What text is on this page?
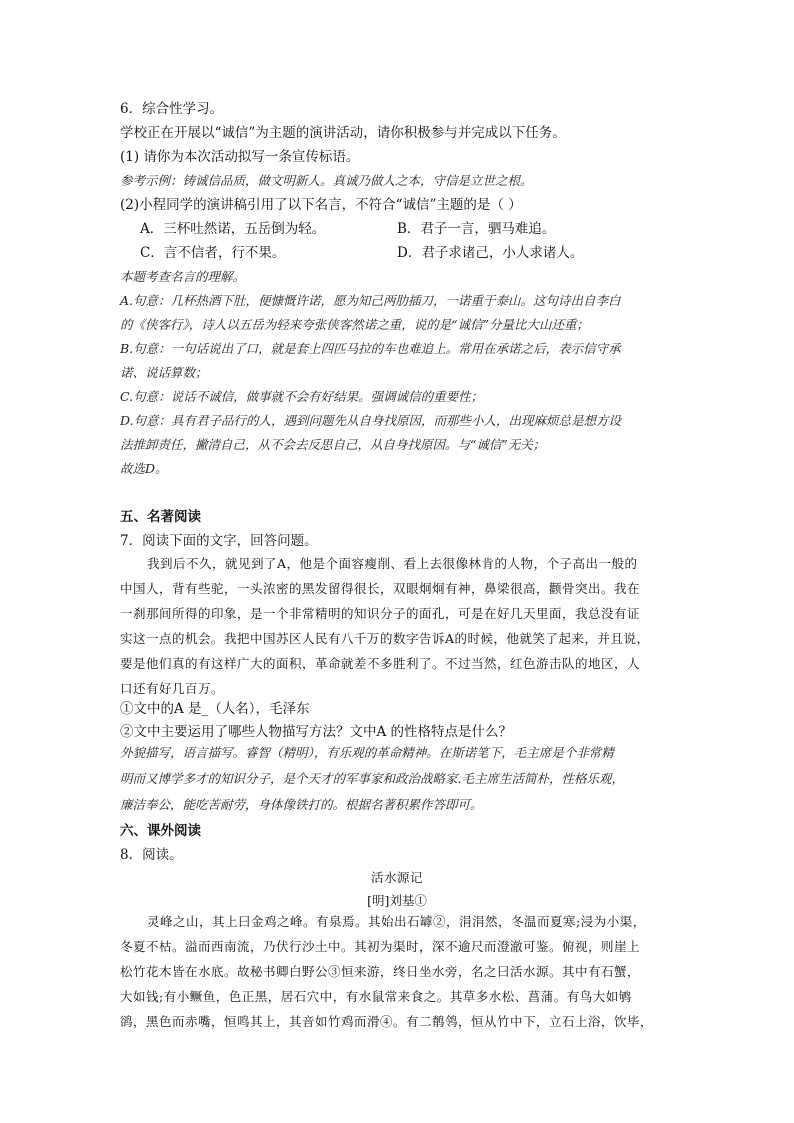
6．综合性学习。
学校正在开展以“诚信”为主题的演讲活动，请你积极参与并完成以下任务。
(1) 请你为本次活动拟写一条宣传标语。
参考示例：铸诚信品质，做文明新人。真诚乃做人之本，守信是立世之根。
(2)小程同学的演讲稿引用了以下名言，不符合“诚信”主题的是（ ）
A．三杯吐然诺，五岳倒为轻。	B．君子一言，驷马难追。
C．言不信者，行不果。	D．君子求诸己，小人求诸人。
本题考查名言的理解。
A.句意：几杯热酒下肚，便慷慨许诺，愿为知己两肋插刀，一诺重于泰山。这句诗出自李白
的《侠客行》，诗人以五岳为轻来夸张侠客然诺之重，说的是“诚信”分量比大山还重；
B.句意：一句话说出了口，就是套上四匹马拉的车也难追上。常用在承诺之后，表示信守承
诺、说话算数；
C.句意：说话不诚信，做事就不会有好结果。强调诚信的重要性；
D.句意：具有君子品行的人，遇到问题先从自身找原因，而那些小人，出现麻烦总是想方设
法推卸责任，撇清自己，从不会去反思自己，从自身找原因。与“诚信”无关；
故选D。
五、名著阅读
7．阅读下面的文字，回答问题。
我到后不久，就见到了A，他是个面容瘦削、看上去很像林肯的人物，个子高出一般的
中国人，背有些驼，一头浓密的黑发留得很长，双眼炯炯有神，鼻梁很高，颧骨突出。我在
一刹那间所得的印象，是一个非常精明的知识分子的面孔，可是在好几天里面，我总没有证
实这一点的机会。我把中国苏区人民有八千万的数字告诉A的时候，他就笑了起来，并且说，
要是他们真的有这样广大的面积，革命就差不多胜利了。不过当然，红色游击队的地区，人
口还有好几百万。
①文中的A 是_（人名），毛泽东
②文中主要运用了哪些人物描写方法？文中A 的性格特点是什么？
外貌描写，语言描写。睿智（精明），有乐观的革命精神。在斯诺笔下，毛主席是个非常精
明而又博学多才的知识分子，是个天才的军事家和政治战略家.毛主席生活简朴，性格乐观，
廉洁奉公，能吃苦耐劳，身体像铁打的。根据名著积累作答即可。
六、课外阅读
8．阅读。
活水源记
[明]刘基①
灵峰之山，其上曰金鸡之峰。有泉焉。其始出石罅②，涓涓然，冬温而夏寒;浸为小渠，
冬夏不枯。溢而西南流，乃伏行沙土中。其初为渠时，深不逾尺而澄澈可鉴。俯视，则崖上
松竹花木皆在水底。故秘书卿白野公③恒来游，终日坐水旁，名之曰活水源。其中有石蟹，
大如钱;有小鳜鱼，色正黑，居石穴中，有水鼠常来食之。其草多水松、菖蒲。有鸟大如鸲
鹆，黑色而赤嘴，恒鸣其上，其音如竹鸡而滑④。有二鹡鸰，恒从竹中下，立石上浴，饮毕，
